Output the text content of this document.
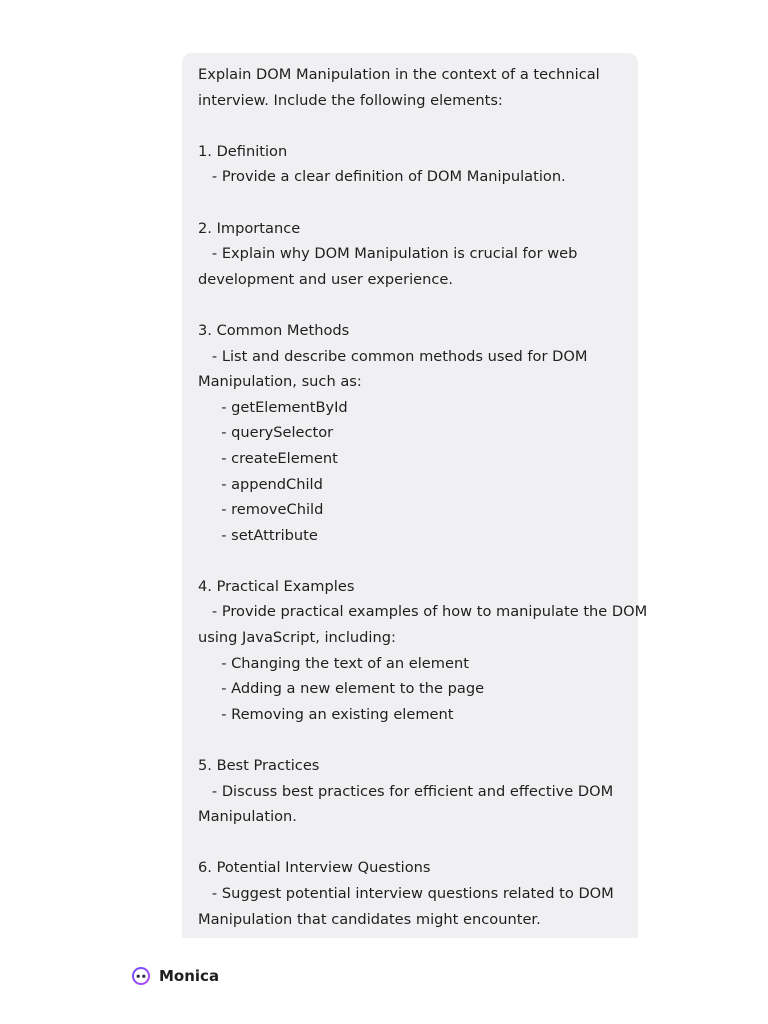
Explain DOM Manipulation in the context of a technical
interview. Include the following elements:
1. Definition
- Provide a clear definition of DOM Manipulation.
2. Importance
- Explain why DOM Manipulation is crucial for web
development and user experience.
3. Common Methods
- List and describe common methods used for DOM
Manipulation, such as:
- getElementById
- querySelector
- createElement
- appendChild
- removeChild
- setAttribute
4. Practical Examples
- Provide practical examples of how to manipulate the DOM
using JavaScript, including:
- Changing the text of an element
- Adding a new element to the page
- Removing an existing element
5. Best Practices
- Discuss best practices for efficient and effective DOM
Manipulation.
6. Potential Interview Questions
- Suggest potential interview questions related to DOM
Manipulation that candidates might encounter.
Monica
